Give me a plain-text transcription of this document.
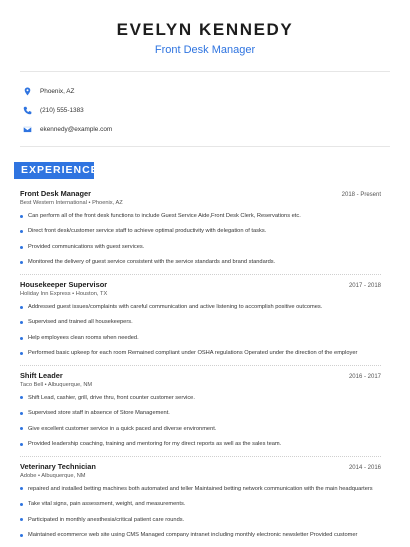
EVELYN KENNEDY
Front Desk Manager
Phoenix, AZ
(210) 555-1383
ekennedy@example.com
EXPERIENCE
Front Desk Manager	2018 - Present
Best Western International • Phoenix, AZ
Can perform all of the front desk functions to include Guest Service Aide,Front Desk Clerk, Reservations etc.
Direct front desk/customer service staff to achieve optimal productivity with delegation of tasks.
Provided communications with guest services.
Monitored the delivery of guest service consistent with the service standards and brand standards.
Housekeeper Supervisor	2017 - 2018
Holiday Inn Express • Houston, TX
Addressed guest issues/complaints with careful communication and active listening to accomplish positive outcomes.
Supervised and trained all housekeepers.
Help employees clean rooms when needed.
Performed basic upkeep for each room Remained compliant under OSHA regulations Operated under the direction of the employer
Shift Leader	2016 - 2017
Taco Bell • Albuquerque, NM
Shift Lead, cashier, grill, drive thru, front counter customer service.
Supervised store staff in absence of Store Management.
Give excellent customer service in a quick paced and diverse environment.
Provided leadership coaching, training and mentoring for my direct reports as well as the sales team.
Veterinary Technician	2014 - 2016
Adobe • Albuquerque, NM
repaired and installed betting machines both automated and teller Maintained betting network communication with the main headquarters
Take vital signs, pain assessment, weight, and measurements.
Participated in monthly anesthesia/critical patient care rounds.
Maintained ecommerce web site using CMS Managed company intranet including monthly electronic newsletter Provided customer
